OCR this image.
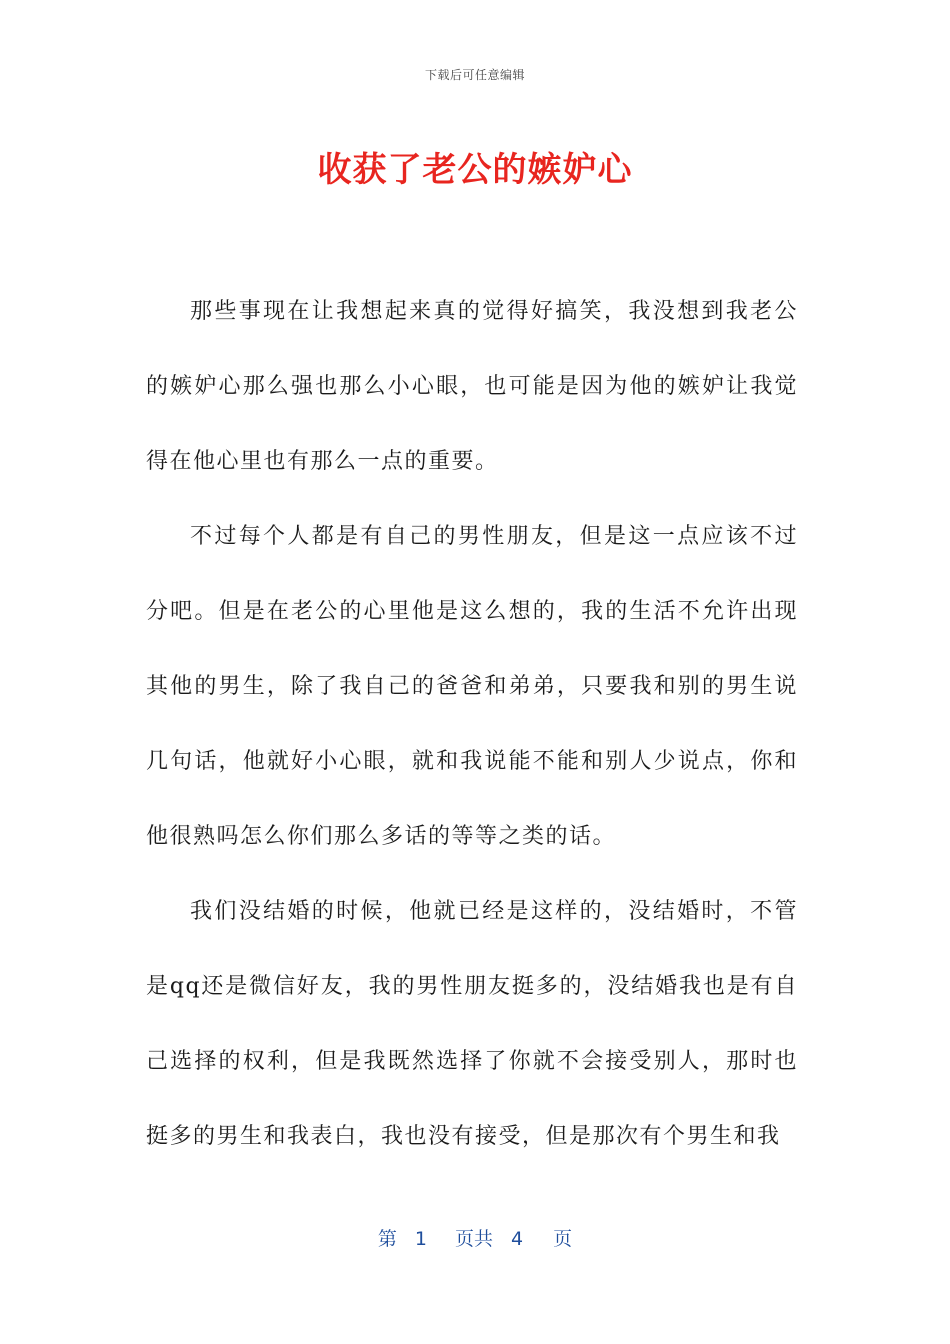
下载后可任意编辑
收获了老公的嫉妒心

那些事现在让我想起来真的觉得好搞笑，我没想到我老公的嫉妒心那么强也那么小心眼，也可能是因为他的嫉妒让我觉得在他心里也有那么一点的重要。

不过每个人都是有自己的男性朋友，但是这一点应该不过分吧。但是在老公的心里他是这么想的，我的生活不允许出现其他的男生，除了我自己的爸爸和弟弟，只要我和别的男生说几句话，他就好小心眼，就和我说能不能和别人少说点，你和他很熟吗怎么你们那么多话的等等之类的话。

我们没结婚的时候，他就已经是这样的，没结婚时，不管是qq还是微信好友，我的男性朋友挺多的，没结婚我也是有自己选择的权利，但是我既然选择了你就不会接受别人，那时也挺多的男生和我表白，我也没有接受，但是那次有个男生和我

第 1 页共 4 页
